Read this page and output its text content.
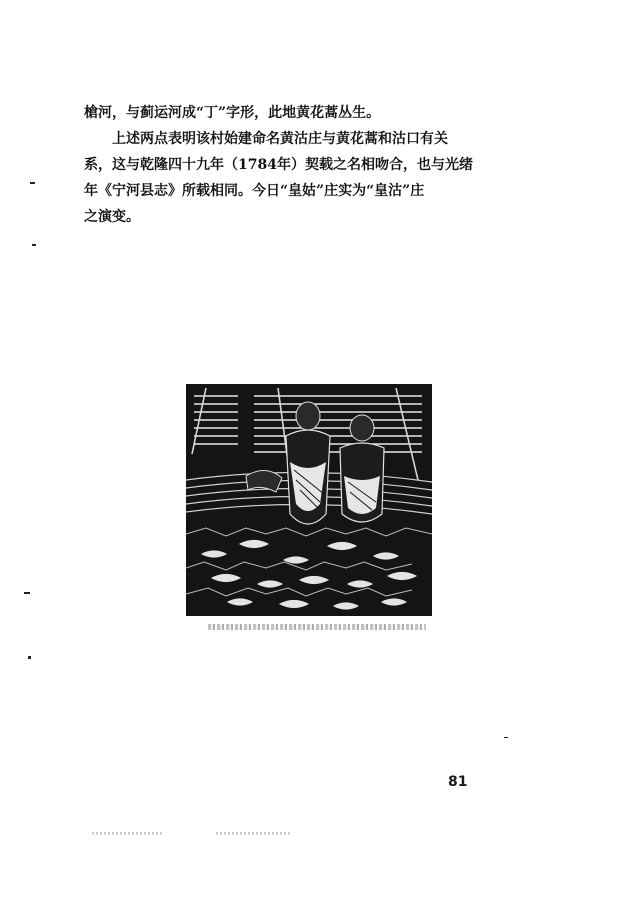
槍河，与蓟运河成“丁”字形，此地黄花蒿丛生。
上述两点表明该村始建命名黄沽庄与黄花蒿和沽口有关
系，这与乾隆四十九年（1784年）契载之名相吻合，也与光绪
年《宁河县志》所载相同。今日“皇姑”庄实为“皇沽”庄
之演变。
81
